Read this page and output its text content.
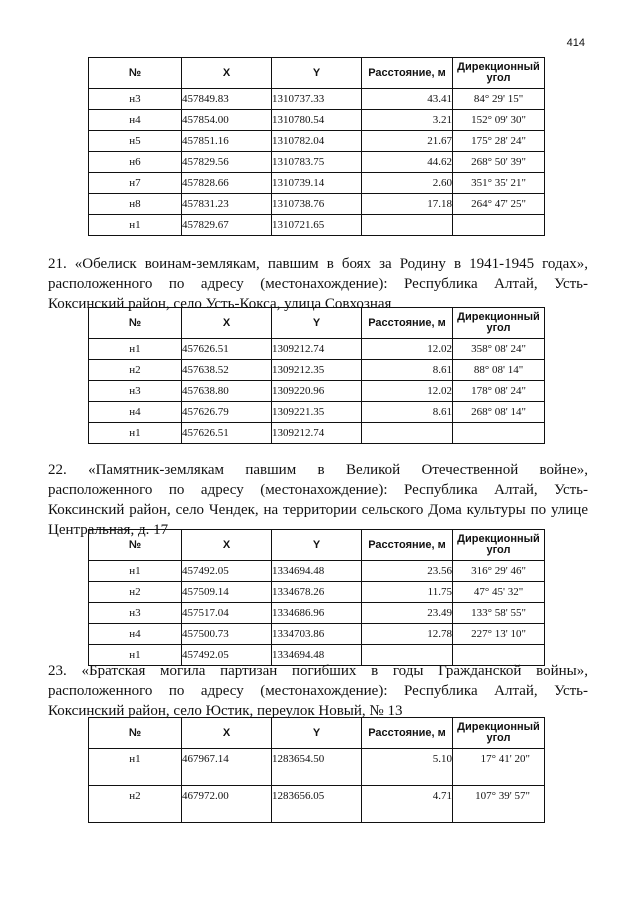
414
№	X	Y	Расстояние, м	Дирекционный угол
н3	457849.83	1310737.33	43.41	84° 29' 15"
н4	457854.00	1310780.54	3.21	152° 09' 30"
н5	457851.16	1310782.04	21.67	175° 28' 24"
н6	457829.56	1310783.75	44.62	268° 50' 39"
н7	457828.66	1310739.14	2.60	351° 35' 21"
н8	457831.23	1310738.76	17.18	264° 47' 25"
н1	457829.67	1310721.65		
21. «Обелиск воинам-землякам, павшим в боях за Родину в 1941-1945 годах»,
расположенного по адресу (местонахождение): Республика Алтай, Усть-
Коксинский район, село Усть-Кокса, улица Совхозная
№	X	Y	Расстояние, м	Дирекционный угол
н1	457626.51	1309212.74	12.02	358° 08' 24"
н2	457638.52	1309212.35	8.61	88° 08' 14"
н3	457638.80	1309220.96	12.02	178° 08' 24"
н4	457626.79	1309221.35	8.61	268° 08' 14"
н1	457626.51	1309212.74		
22. «Памятник-землякам павшим в Великой Отечественной войне»,
расположенного по адресу (местонахождение): Республика Алтай, Усть-
Коксинский район, село Чендек, на территории сельского Дома культуры по улице
Центральная, д. 17
№	X	Y	Расстояние, м	Дирекционный угол
н1	457492.05	1334694.48	23.56	316° 29' 46"
н2	457509.14	1334678.26	11.75	47° 45' 32"
н3	457517.04	1334686.96	23.49	133° 58' 55"
н4	457500.73	1334703.86	12.78	227° 13' 10"
н1	457492.05	1334694.48		
23. «Братская могила партизан погибших в годы Гражданской войны»,
расположенного по адресу (местонахождение): Республика Алтай, Усть-
Коксинский район, село Юстик, переулок Новый, № 13
№	X	Y	Расстояние, м	Дирекционный угол
н1	467967.14	1283654.50	5.10	17° 41' 20"
н2	467972.00	1283656.05	4.71	107° 39' 57"
